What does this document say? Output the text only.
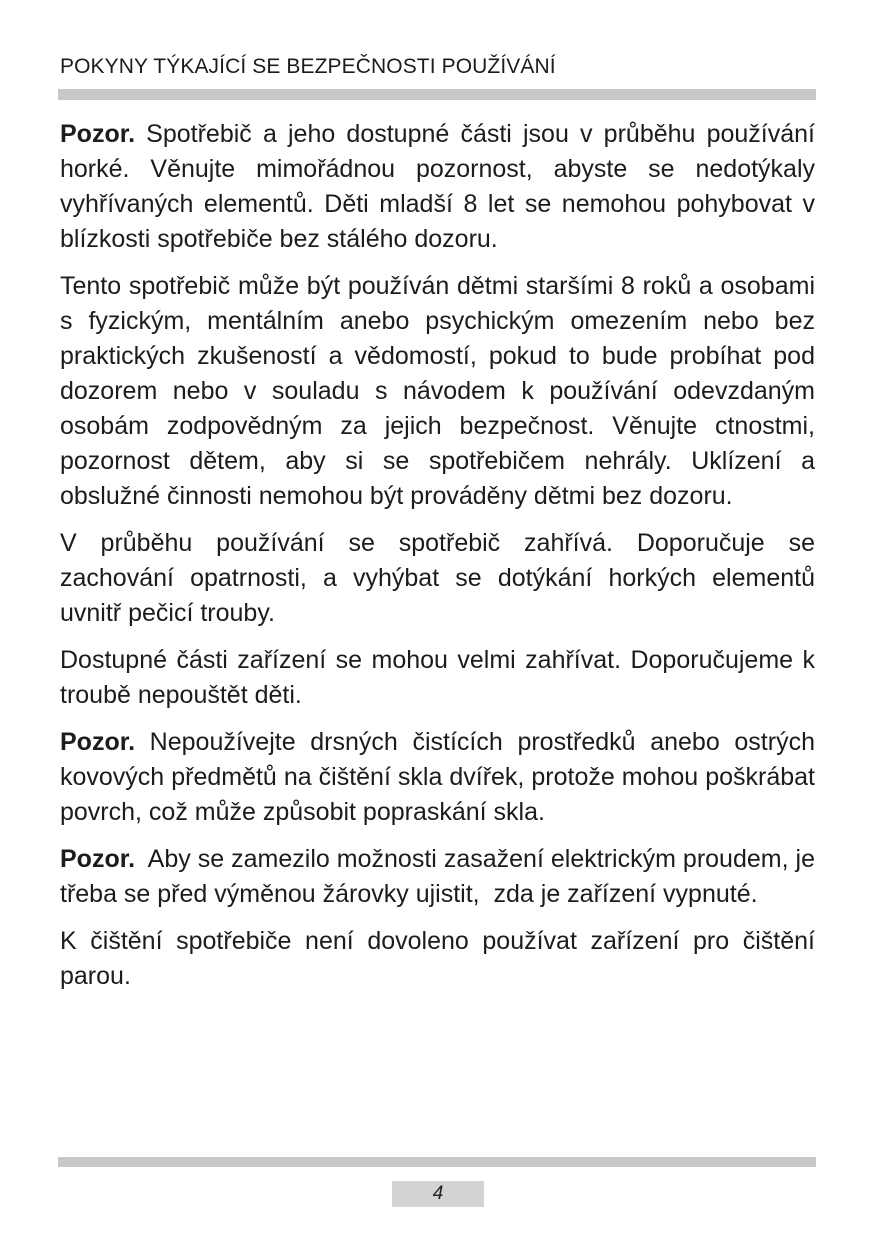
POKYNY TÝKAJÍCÍ SE BEZPEČNOSTI POUŽÍVÁNÍ

Pozor. Spotřebič a jeho dostupné části jsou v průběhu používání horké. Věnujte mimořádnou pozornost, abyste se nedotýkaly vyhřívaných elementů. Děti mladší 8 let se nemohou pohybovat v blízkosti spotřebiče bez stálého dozoru.

Tento spotřebič může být používán dětmi staršími 8 roků a osobami s fyzickým, mentálním anebo psychickým omezením nebo bez praktických zkušeností a vědomostí, pokud to bude probíhat pod dozorem nebo v souladu s návodem k používání odevzdaným osobám zodpovědným za jejich bezpečnost. Věnujte ctnostmi, pozornost dětem, aby si se spotřebičem nehrály. Uklízení a obslužné činnosti nemohou být prováděny dětmi bez dozoru.

V průběhu používání se spotřebič zahřívá. Doporučuje se zachování opatrnosti, a vyhýbat se dotýkání horkých elementů uvnitř pečicí trouby.

Dostupné části zařízení se mohou velmi zahřívat. Doporučujeme k troubě nepouštět děti.

Pozor. Nepoužívejte drsných čistících prostředků anebo ostrých kovových předmětů na čištění skla dvířek, protože mohou poškrábat povrch, což může způsobit popraskání skla.

Pozor.  Aby se zamezilo možnosti zasažení elektrickým proudem, je třeba se před výměnou žárovky ujistit,  zda je zařízení vypnuté.

K čištění spotřebiče není dovoleno používat zařízení pro čištění parou.

4
